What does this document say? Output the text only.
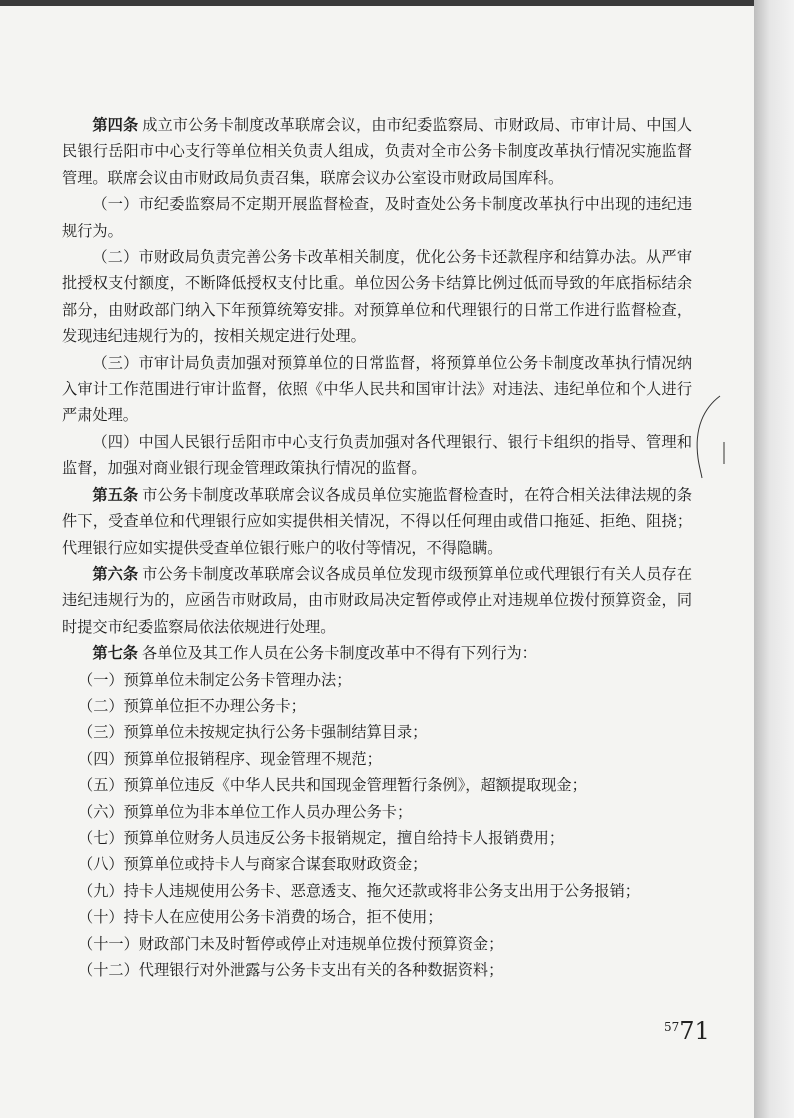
第四条 成立市公务卡制度改革联席会议，由市纪委监察局、市财政局、市审计局、中国人民银行岳阳市中心支行等单位相关负责人组成，负责对全市公务卡制度改革执行情况实施监督管理。联席会议由市财政局负责召集，联席会议办公室设市财政局国库科。

（一）市纪委监察局不定期开展监督检查，及时查处公务卡制度改革执行中出现的违纪违规行为。

（二）市财政局负责完善公务卡改革相关制度，优化公务卡还款程序和结算办法。从严审批授权支付额度，不断降低授权支付比重。单位因公务卡结算比例过低而导致的年底指标结余部分，由财政部门纳入下年预算统筹安排。对预算单位和代理银行的日常工作进行监督检查，发现违纪违规行为的，按相关规定进行处理。

（三）市审计局负责加强对预算单位的日常监督，将预算单位公务卡制度改革执行情况纳入审计工作范围进行审计监督，依照《中华人民共和国审计法》对违法、违纪单位和个人进行严肃处理。

（四）中国人民银行岳阳市中心支行负责加强对各代理银行、银行卡组织的指导、管理和监督，加强对商业银行现金管理政策执行情况的监督。

第五条 市公务卡制度改革联席会议各成员单位实施监督检查时，在符合相关法律法规的条件下，受查单位和代理银行应如实提供相关情况，不得以任何理由或借口拖延、拒绝、阻挠；代理银行应如实提供受查单位银行账户的收付等情况，不得隐瞒。

第六条 市公务卡制度改革联席会议各成员单位发现市级预算单位或代理银行有关人员存在违纪违规行为的，应函告市财政局，由市财政局决定暂停或停止对违规单位拨付预算资金，同时提交市纪委监察局依法依规进行处理。

第七条 各单位及其工作人员在公务卡制度改革中不得有下列行为：

（一）预算单位未制定公务卡管理办法；

（二）预算单位拒不办理公务卡；

（三）预算单位未按规定执行公务卡强制结算目录；

（四）预算单位报销程序、现金管理不规范；

（五）预算单位违反《中华人民共和国现金管理暂行条例》，超额提取现金；

（六）预算单位为非本单位工作人员办理公务卡；

（七）预算单位财务人员违反公务卡报销规定，擅自给持卡人报销费用；

（八）预算单位或持卡人与商家合谋套取财政资金；

（九）持卡人违规使用公务卡、恶意透支、拖欠还款或将非公务支出用于公务报销；

（十）持卡人在应使用公务卡消费的场合，拒不使用；

（十一）财政部门未及时暂停或停止对违规单位拨付预算资金；

（十二）代理银行对外泄露与公务卡支出有关的各种数据资料；

5771
